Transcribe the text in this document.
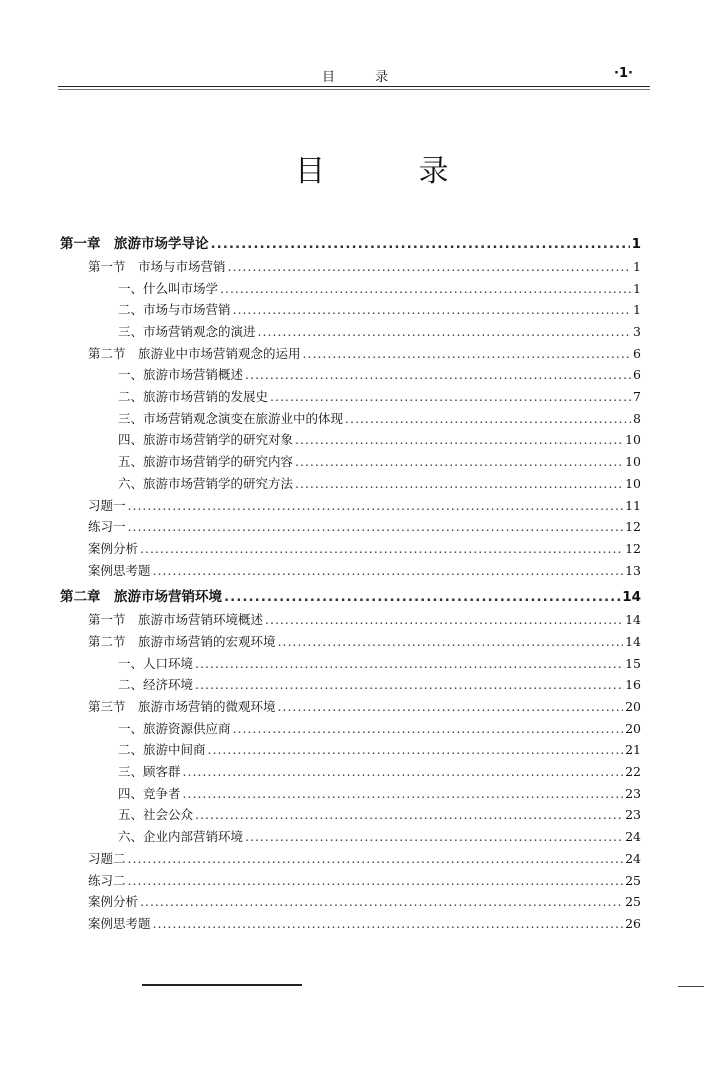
目 录	·1·
目 录
第一章　旅游市场学导论 .....	1
第一节　市场与市场营销 .....	1
一、什么叫市场学 .....	1
二、市场与市场营销 .....	1
三、市场营销观念的演进 .....	3
第二节　旅游业中市场营销观念的运用 .....	6
一、旅游市场营销概述 .....	6
二、旅游市场营销的发展史 .....	7
三、市场营销观念演变在旅游业中的体现 .....	8
四、旅游市场营销学的研究对象 .....	10
五、旅游市场营销学的研究内容 .....	10
六、旅游市场营销学的研究方法 .....	10
习题一 .....	11
练习一 .....	12
案例分析 .....	12
案例思考题 .....	13
第二章　旅游市场营销环境 .....	14
第一节　旅游市场营销环境概述 .....	14
第二节　旅游市场营销的宏观环境 .....	14
一、人口环境 .....	15
二、经济环境 .....	16
第三节　旅游市场营销的微观环境 .....	20
一、旅游资源供应商 .....	20
二、旅游中间商 .....	21
三、顾客群 .....	22
四、竞争者 .....	23
五、社会公众 .....	23
六、企业内部营销环境 .....	24
习题二 .....	24
练习二 .....	25
案例分析 .....	25
案例思考题 .....	26
